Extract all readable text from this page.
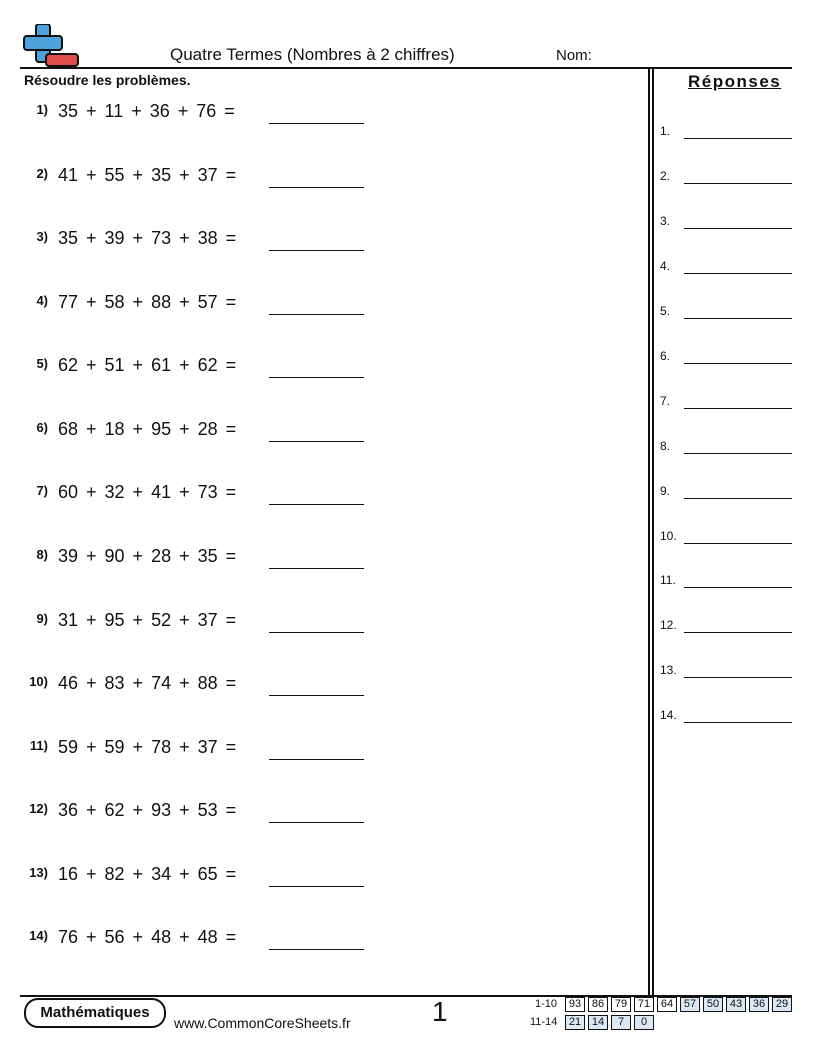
Quatre Termes (Nombres à 2 chiffres)	Nom:
Résoudre les problèmes.
1) 35 + 11 + 36 + 76 =
2) 41 + 55 + 35 + 37 =
3) 35 + 39 + 73 + 38 =
4) 77 + 58 + 88 + 57 =
5) 62 + 51 + 61 + 62 =
6) 68 + 18 + 95 + 28 =
7) 60 + 32 + 41 + 73 =
8) 39 + 90 + 28 + 35 =
9) 31 + 95 + 52 + 37 =
10) 46 + 83 + 74 + 88 =
11) 59 + 59 + 78 + 37 =
12) 36 + 62 + 93 + 53 =
13) 16 + 82 + 34 + 65 =
14) 76 + 56 + 48 + 48 =
Réponses
1.
2.
3.
4.
5.
6.
7.
8.
9.
10.
11.
12.
13.
14.
Mathématiques
www.CommonCoreSheets.fr	1	1-10	93 86 79 71 64 57 50 43 36 29
11-14	21 14	7	0
